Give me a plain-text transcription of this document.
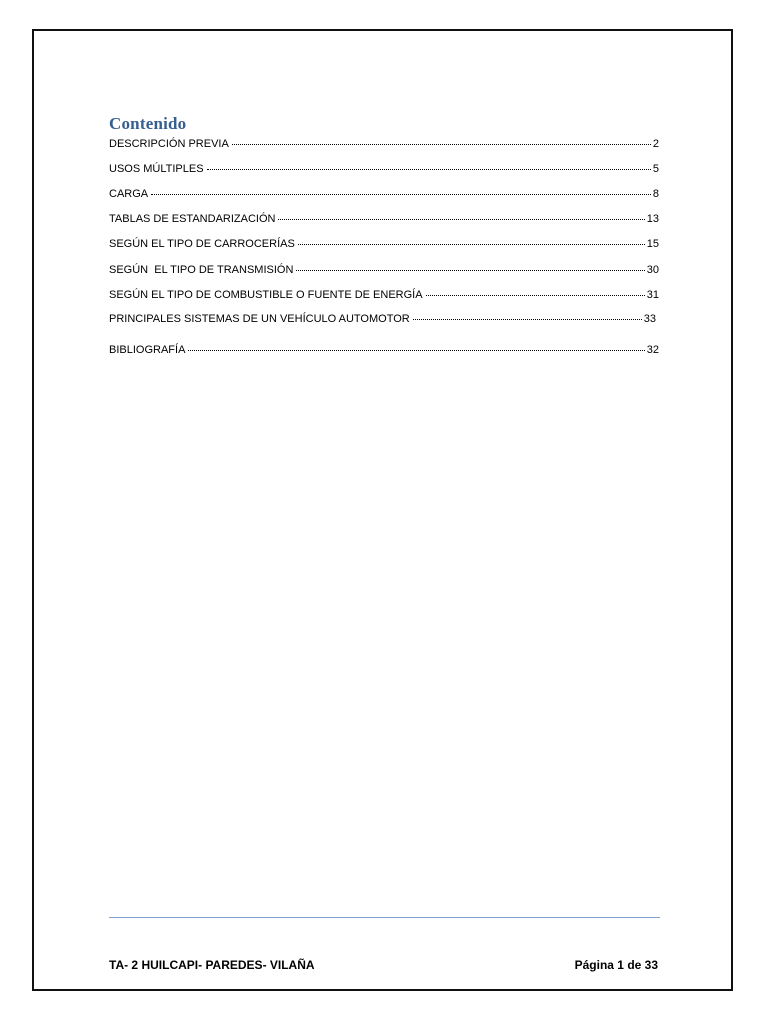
Contenido
DESCRIPCIÓN PREVIA	2
USOS MÚLTIPLES	5
CARGA	8
TABLAS DE ESTANDARIZACIÓN	13
SEGÚN EL TIPO DE CARROCERÍAS	15
SEGÚN  EL TIPO DE TRANSMISIÓN	30
SEGÚN EL TIPO DE COMBUSTIBLE O FUENTE DE ENERGÍA	31
PRINCIPALES SISTEMAS DE UN VEHÍCULO AUTOMOTOR	33
BIBLIOGRAFÍA	32
TA- 2 HUILCAPI- PAREDES- VILAÑA	Página 1 de 33
